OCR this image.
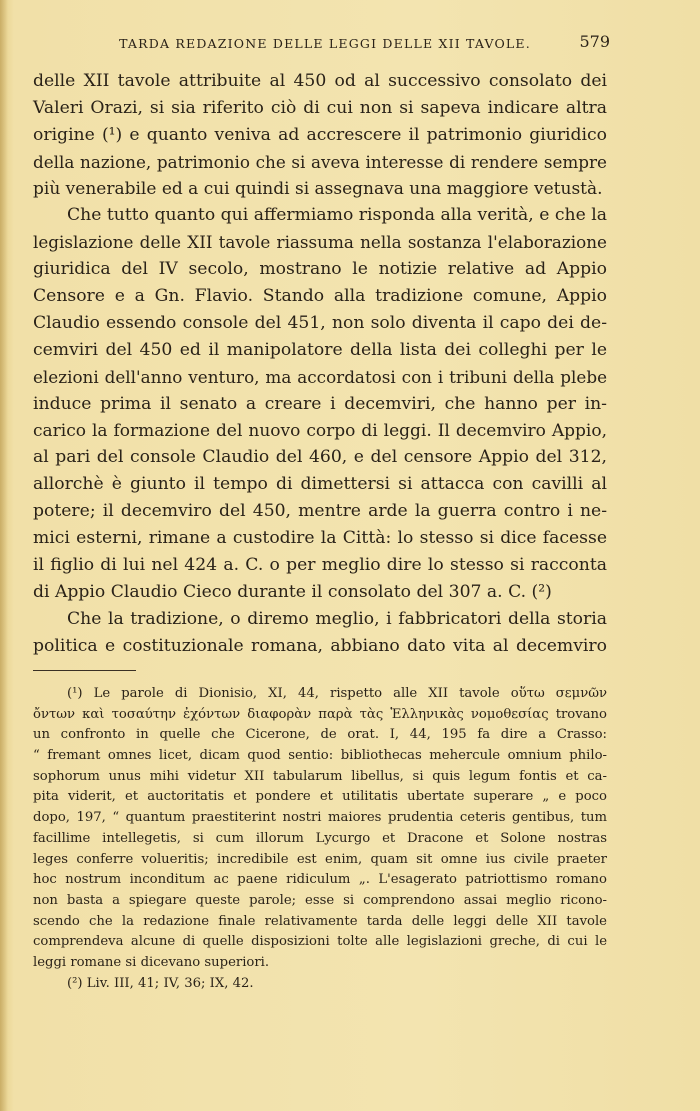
TARDA REDAZIONE DELLE LEGGI DELLE XII TAVOLE.	579
delle XII tavole attribuite al 450 od al successivo consolato dei
Valeri Orazi, si sia riferito ciò di cui non si sapeva indicare altra
origine (¹) e quanto veniva ad accrescere il patrimonio giuridico
della nazione, patrimonio che si aveva interesse di rendere sempre
più venerabile ed a cui quindi si assegnava una maggiore vetustà.
Che tutto quanto qui affermiamo risponda alla verità, e che la
legislazione delle XII tavole riassuma nella sostanza l'elaborazione
giuridica del IV secolo, mostrano le notizie relative ad Appio
Censore e a Gn. Flavio. Stando alla tradizione comune, Appio
Claudio essendo console del 451, non solo diventa il capo dei de-
cemviri del 450 ed il manipolatore della lista dei colleghi per le
elezioni dell'anno venturo, ma accordatosi con i tribuni della plebe
induce prima il senato a creare i decemviri, che hanno per in-
carico la formazione del nuovo corpo di leggi. Il decemviro Appio,
al pari del console Claudio del 460, e del censore Appio del 312,
allorchè è giunto il tempo di dimettersi si attacca con cavilli al
potere; il decemviro del 450, mentre arde la guerra contro i ne-
mici esterni, rimane a custodire la Città: lo stesso si dice facesse
il figlio di lui nel 424 a. C. o per meglio dire lo stesso si racconta
di Appio Claudio Cieco durante il consolato del 307 a. C. (²)
Che la tradizione, o diremo meglio, i fabbricatori della storia
politica e costituzionale romana, abbiano dato vita al decemviro
(¹) Le parole di Dionisio, XI, 44, rispetto alle XII tavole οὕτω σεμνῶν
ὄντων καὶ τοσαύτην ἐχόντων διαφορὰν παρὰ τὰς Ἑλληνικὰς νομοθεσίας trovano
un confronto in quelle che Cicerone, de orat. I, 44, 195 fa dire a Crasso:
“ fremant omnes licet, dicam quod sentio: bibliothecas mehercule omnium philo-
sophorum unus mihi videtur XII tabularum libellus, si quis legum fontis et ca-
pita viderit, et auctoritatis et pondere et utilitatis ubertate superare „ e poco
dopo, 197, “ quantum praestiterint nostri maiores prudentia ceteris gentibus, tum
facillime intellegetis, si cum illorum Lycurgo et Dracone et Solone nostras
leges conferre volueritis; incredibile est enim, quam sit omne ius civile praeter
hoc nostrum inconditum ac paene ridiculum „. L'esagerato patriottismo romano
non basta a spiegare queste parole; esse si comprendono assai meglio ricono-
scendo che la redazione finale relativamente tarda delle leggi delle XII tavole
comprendeva alcune di quelle disposizioni tolte alle legislazioni greche, di cui le
leggi romane si dicevano superiori.
(²) Liv. III, 41; IV, 36; IX, 42.
